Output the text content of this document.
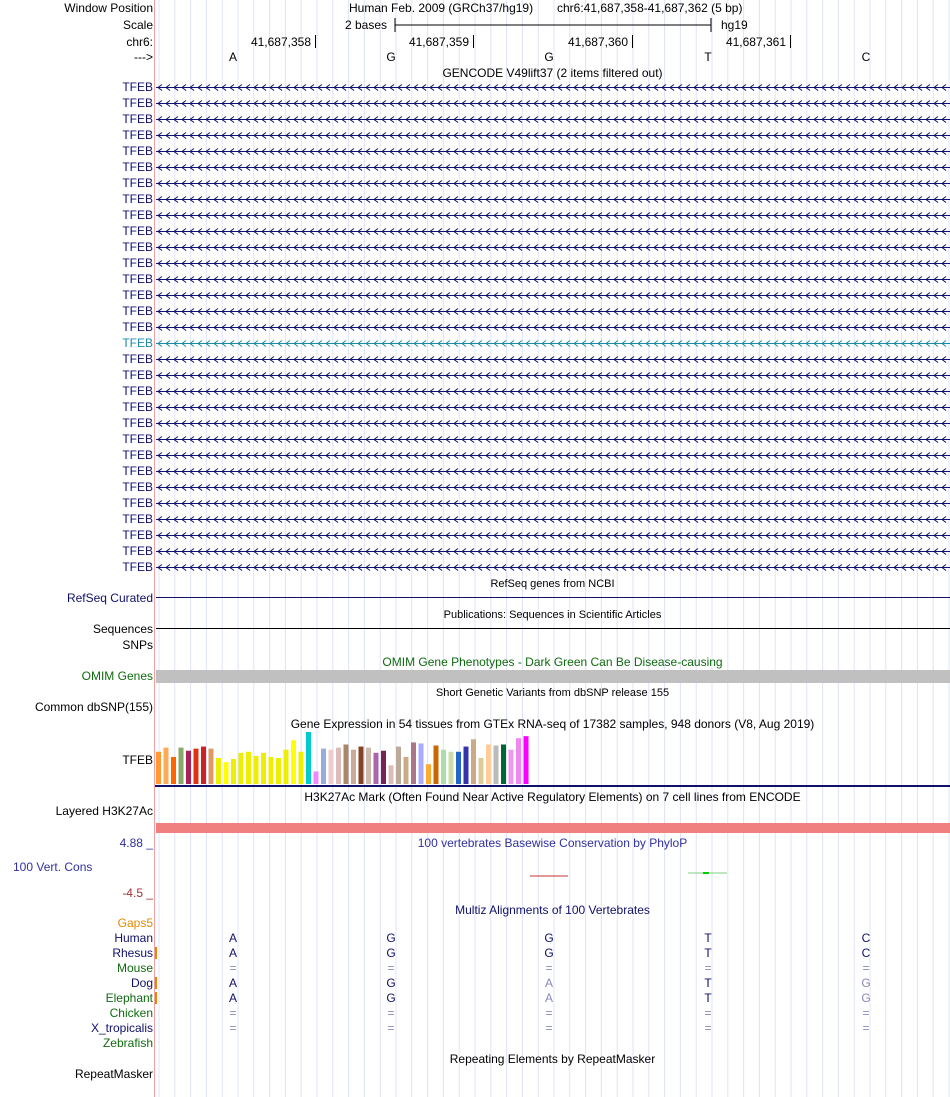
Window Position	Human Feb. 2009 (GRCh37/hg19) chr6:41,687,358-41,687,362 (5 bp)
Scale	2 bases	hg19
chr6:	41,687,358	41,687,359	41,687,360	41,687,361
--->	A	G	G	T	C
GENCODE V49lift37 (2 items filtered out)
TFEB
TFEB
TFEB
TFEB
TFEB
TFEB
TFEB
TFEB
TFEB
TFEB
TFEB
TFEB
TFEB
TFEB
TFEB
TFEB
TFEB
TFEB
TFEB
TFEB
TFEB
TFEB
TFEB
TFEB
TFEB
TFEB
TFEB
TFEB
TFEB
TFEB
TFEB
RefSeq genes from NCBI
RefSeq Curated
Publications: Sequences in Scientific Articles
Sequences
SNPs
OMIM Gene Phenotypes - Dark Green Can Be Disease-causing
OMIM Genes
Short Genetic Variants from dbSNP release 155
Common dbSNP(155)
Gene Expression in 54 tissues from GTEx RNA-seq of 17382 samples, 948 donors (V8, Aug 2019)
TFEB
H3K27Ac Mark (Often Found Near Active Regulatory Elements) on 7 cell lines from ENCODE
Layered H3K27Ac
100 vertebrates Basewise Conservation by PhyloP
4.88 _
100 Vert. Cons
-4.5 _
Multiz Alignments of 100 Vertebrates
Gaps5
Human	A	G	G	T	C
Rhesus	A	G	G	T	C
Mouse	=	=	=	=	=
Dog	A	G	A	T	G
Elephant	A	G	A	T	G
Chicken	=	=	=	=	=
X_tropicalis	=	=	=	=	=
Zebrafish
Repeating Elements by RepeatMasker
RepeatMasker
